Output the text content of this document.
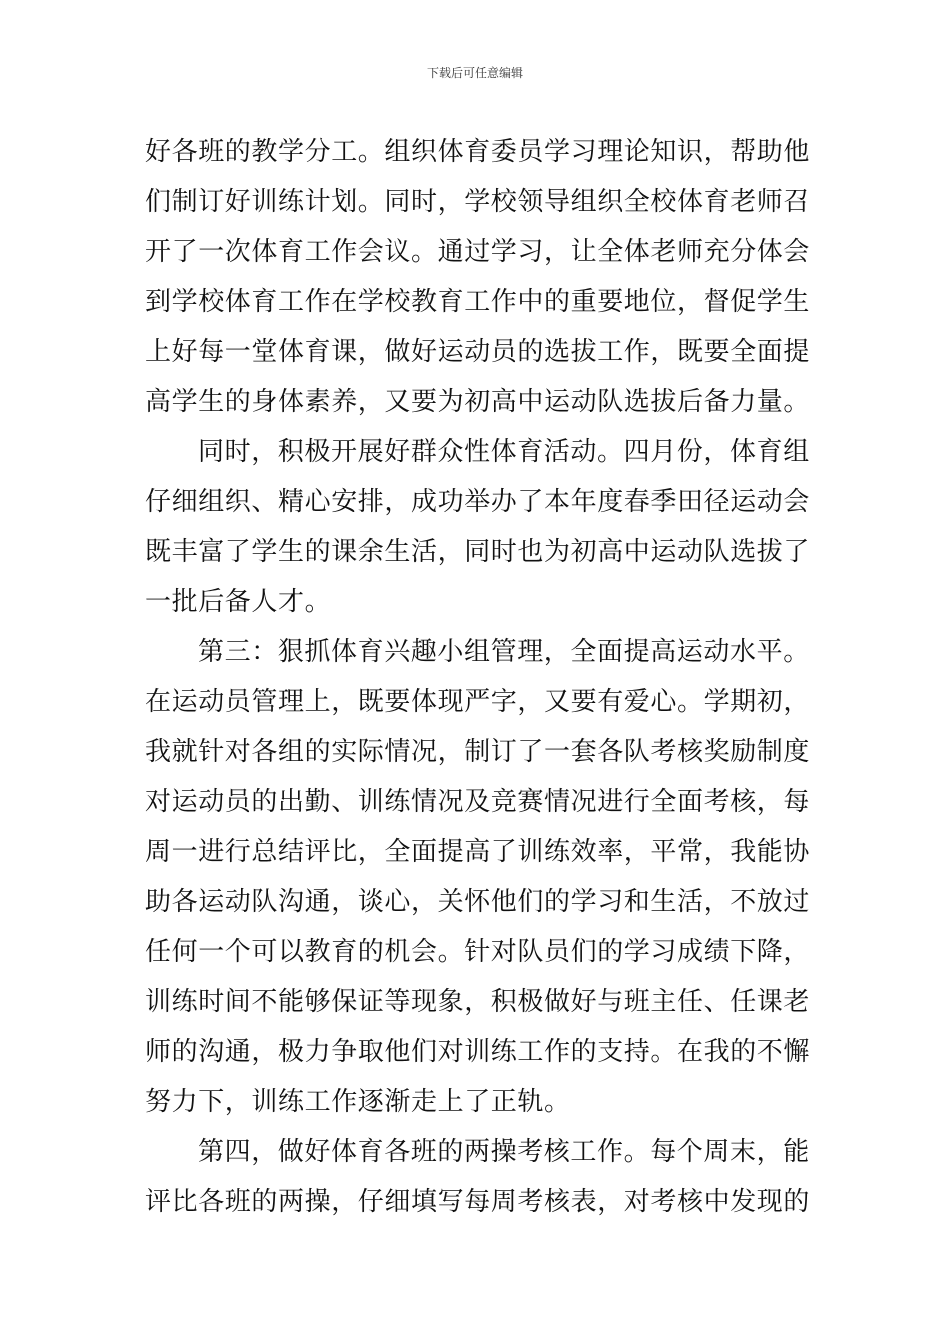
下载后可任意编辑
好各班的教学分工。组织体育委员学习理论知识，帮助他
们制订好训练计划。同时，学校领导组织全校体育老师召
开了一次体育工作会议。通过学习，让全体老师充分体会
到学校体育工作在学校教育工作中的重要地位，督促学生
上好每一堂体育课，做好运动员的选拔工作，既要全面提
高学生的身体素养，又要为初高中运动队选拔后备力量。
同时，积极开展好群众性体育活动。四月份，体育组
仔细组织、精心安排，成功举办了本年度春季田径运动会
既丰富了学生的课余生活，同时也为初高中运动队选拔了
一批后备人才。
第三：狠抓体育兴趣小组管理，全面提高运动水平。
在运动员管理上，既要体现严字，又要有爱心。学期初，
我就针对各组的实际情况，制订了一套各队考核奖励制度
对运动员的出勤、训练情况及竞赛情况进行全面考核，每
周一进行总结评比，全面提高了训练效率，平常，我能协
助各运动队沟通，谈心，关怀他们的学习和生活，不放过
任何一个可以教育的机会。针对队员们的学习成绩下降，
训练时间不能够保证等现象，积极做好与班主任、任课老
师的沟通，极力争取他们对训练工作的支持。在我的不懈
努力下，训练工作逐渐走上了正轨。
第四，做好体育各班的两操考核工作。每个周末，能
评比各班的两操，仔细填写每周考核表，对考核中发现的
